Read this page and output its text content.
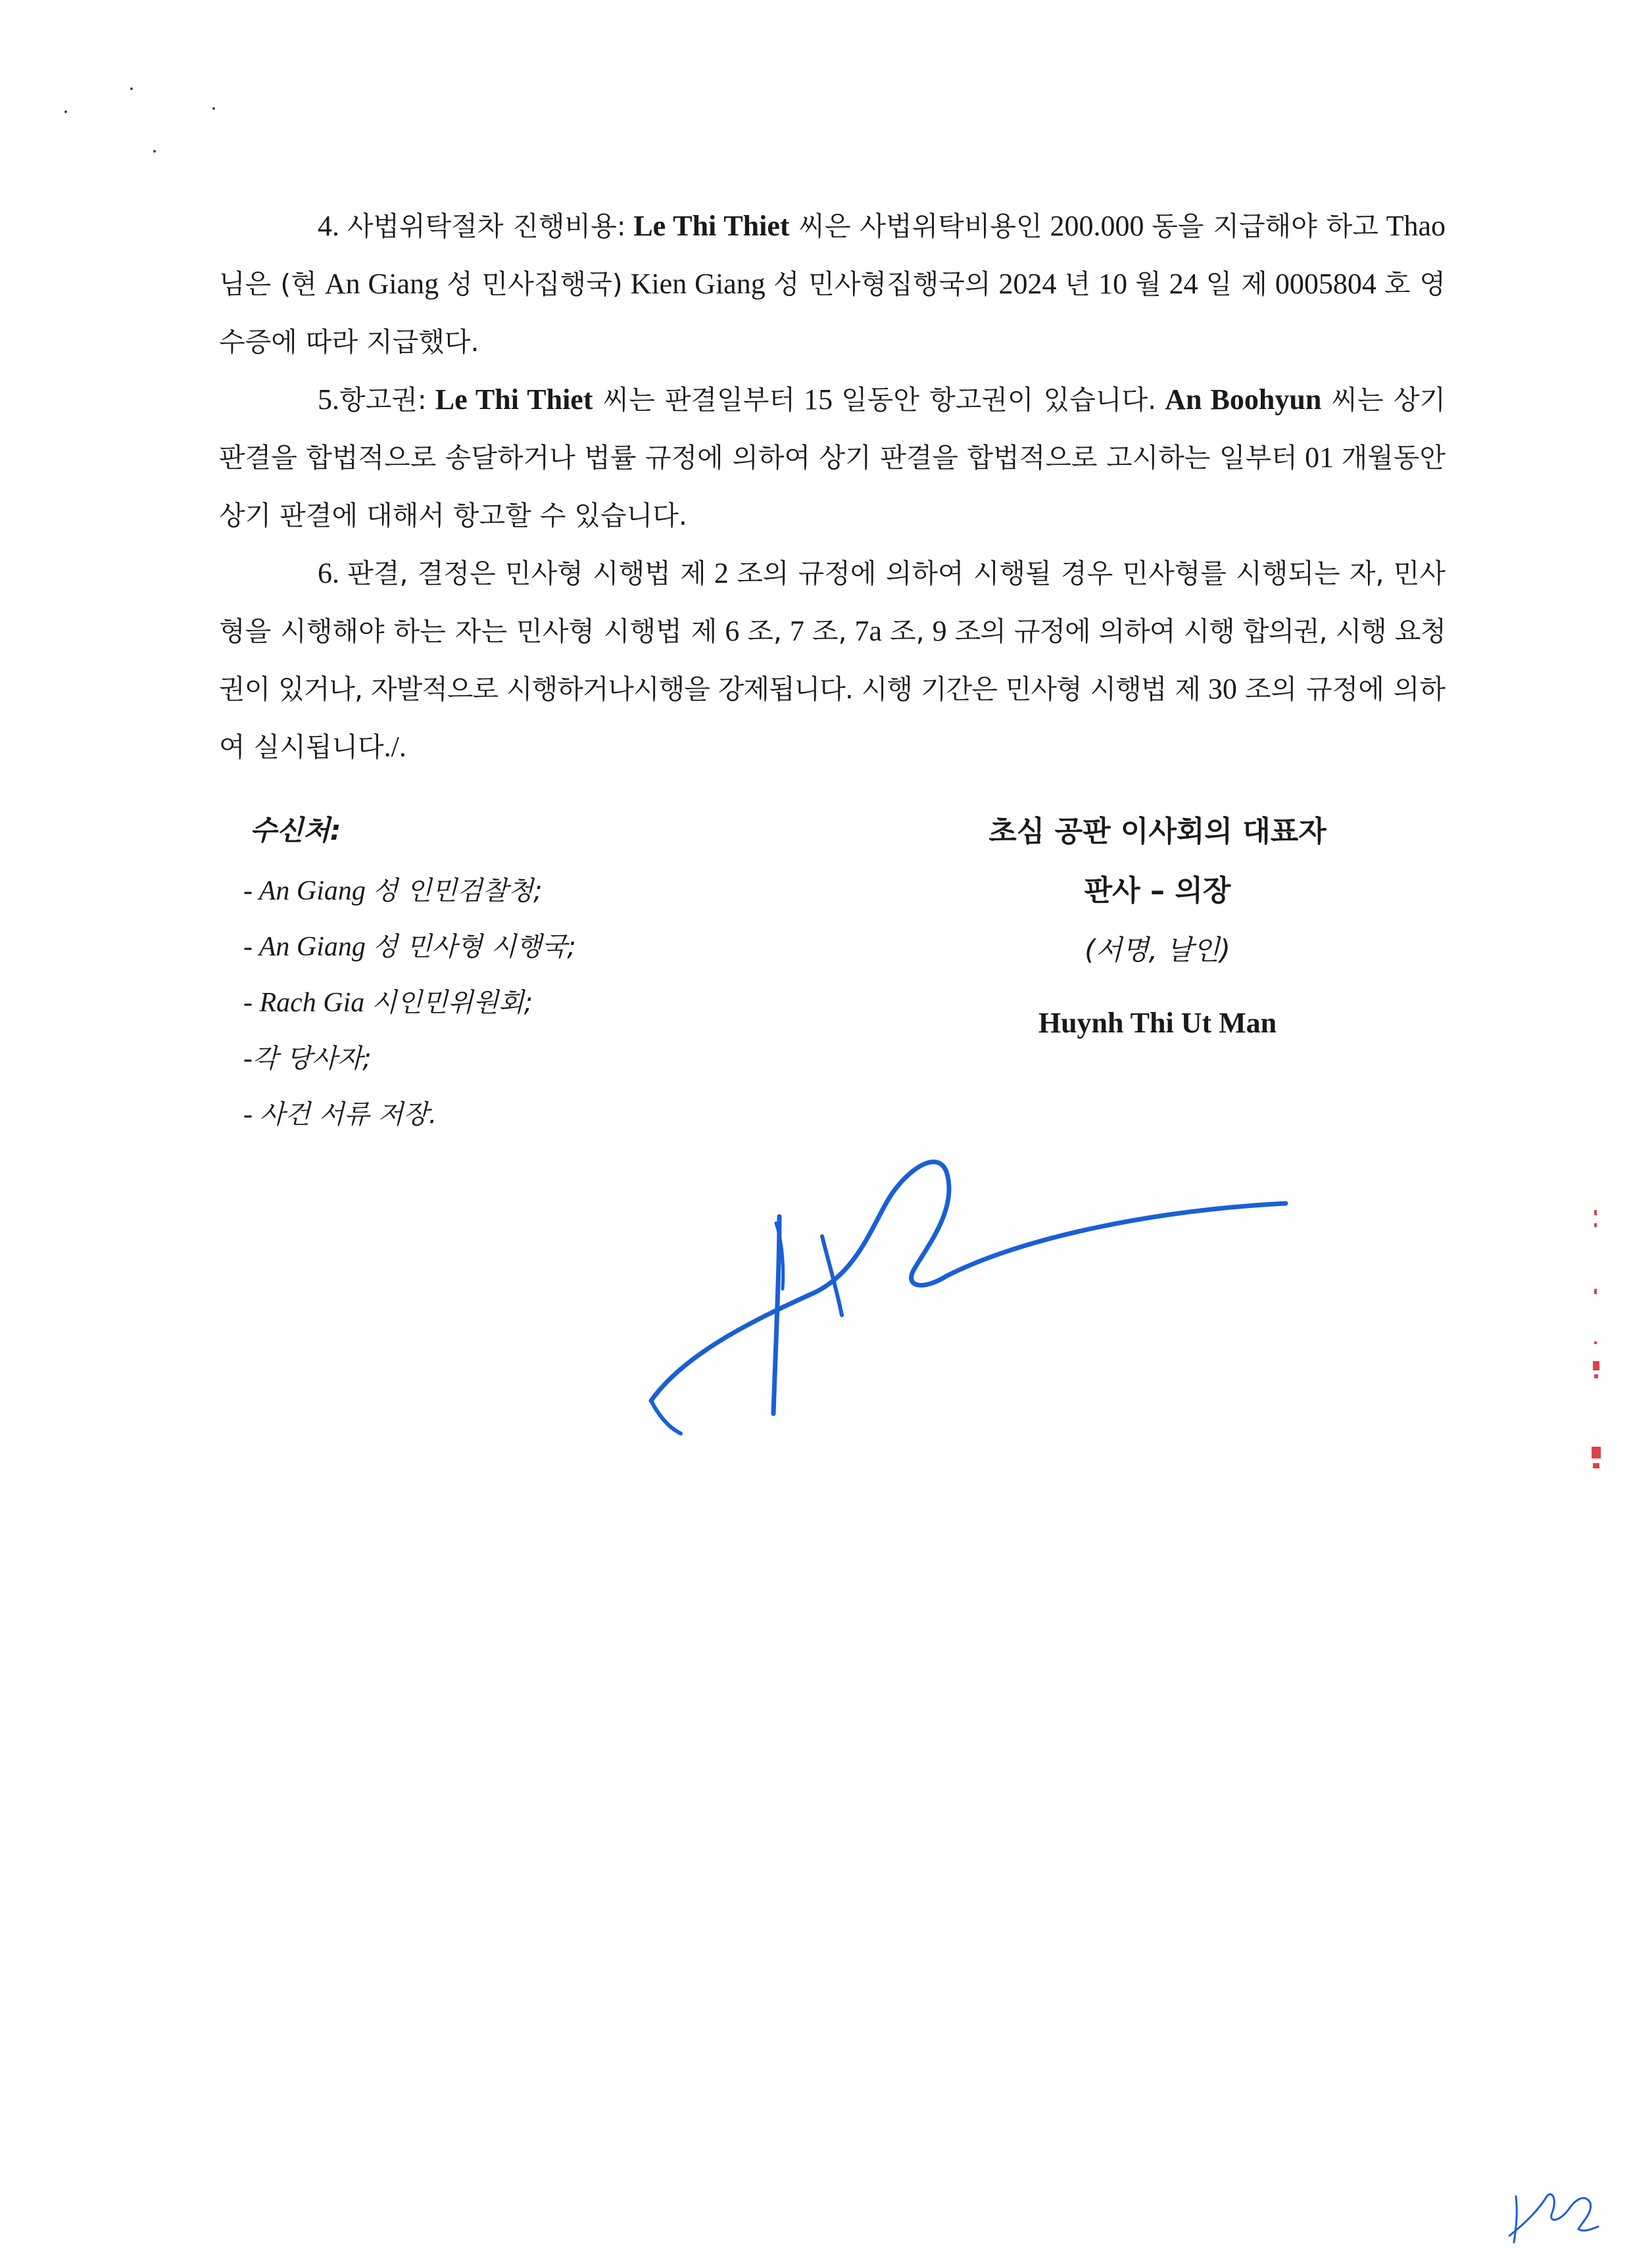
4. 사법위탁절차 진행비용: Le Thi Thiet 씨은 사법위탁비용인 200.000 동을 지급해야 하고 Thao 님은 (현 An Giang 성 민사집행국) Kien Giang 성 민사형집행국의 2024 년 10 월 24 일 제 0005804 호 영수증에 따라 지급했다.

5.항고권: Le Thi Thiet 씨는 판결일부터 15 일동안 항고권이 있습니다. An Boohyun 씨는 상기 판결을 합법적으로 송달하거나 법률 규정에 의하여 상기 판결을 합법적으로 고시하는 일부터 01 개월동안 상기 판결에 대해서 항고할 수 있습니다.

6. 판결, 결정은 민사형 시행법 제 2 조의 규정에 의하여 시행될 경우 민사형를 시행되는 자, 민사형을 시행해야 하는 자는 민사형 시행법 제 6 조, 7 조, 7a 조, 9 조의 규정에 의하여 시행 합의권, 시행 요청권이 있거나, 자발적으로 시행하거나시행을 강제됩니다. 시행 기간은 민사형 시행법 제 30 조의 규정에 의하여 실시됩니다./.

수신처:
- An Giang 성 인민검찰청;
- An Giang 성 민사형 시행국;
- Rach Gia 시인민위원회;
-각 당사자;
- 사건 서류 저장.
초심 공판 이사회의 대표자
판사 – 의장
(서명, 날인)
Huynh Thi Ut Man
